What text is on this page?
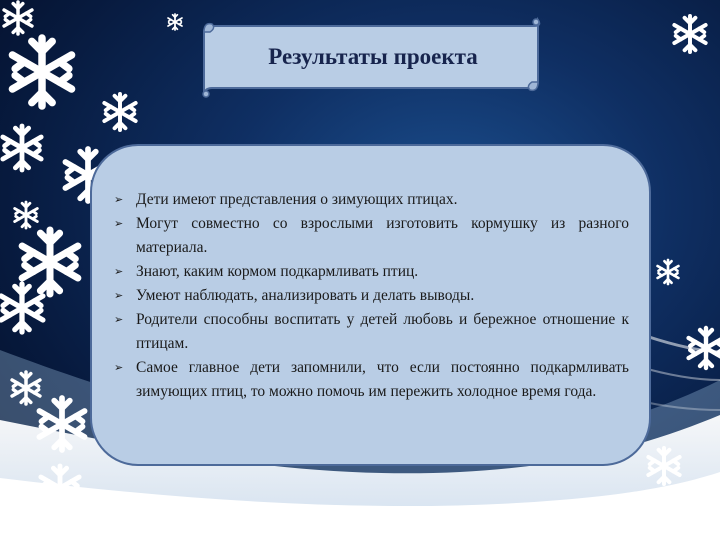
Результаты проекта
➢ Дети имеют представления о зимующих птицах.
➢ Могут совместно со взрослыми изготовить кормушку из разного материала.
➢ Знают, каким кормом подкармливать птиц.
➢ Умеют наблюдать, анализировать и делать выводы.
➢ Родители способны воспитать у детей любовь и бережное отношение к птицам.
➢ Самое главное дети запомнили, что если постоянно подкармливать зимующих птиц, то можно помочь им пережить холодное время года.
